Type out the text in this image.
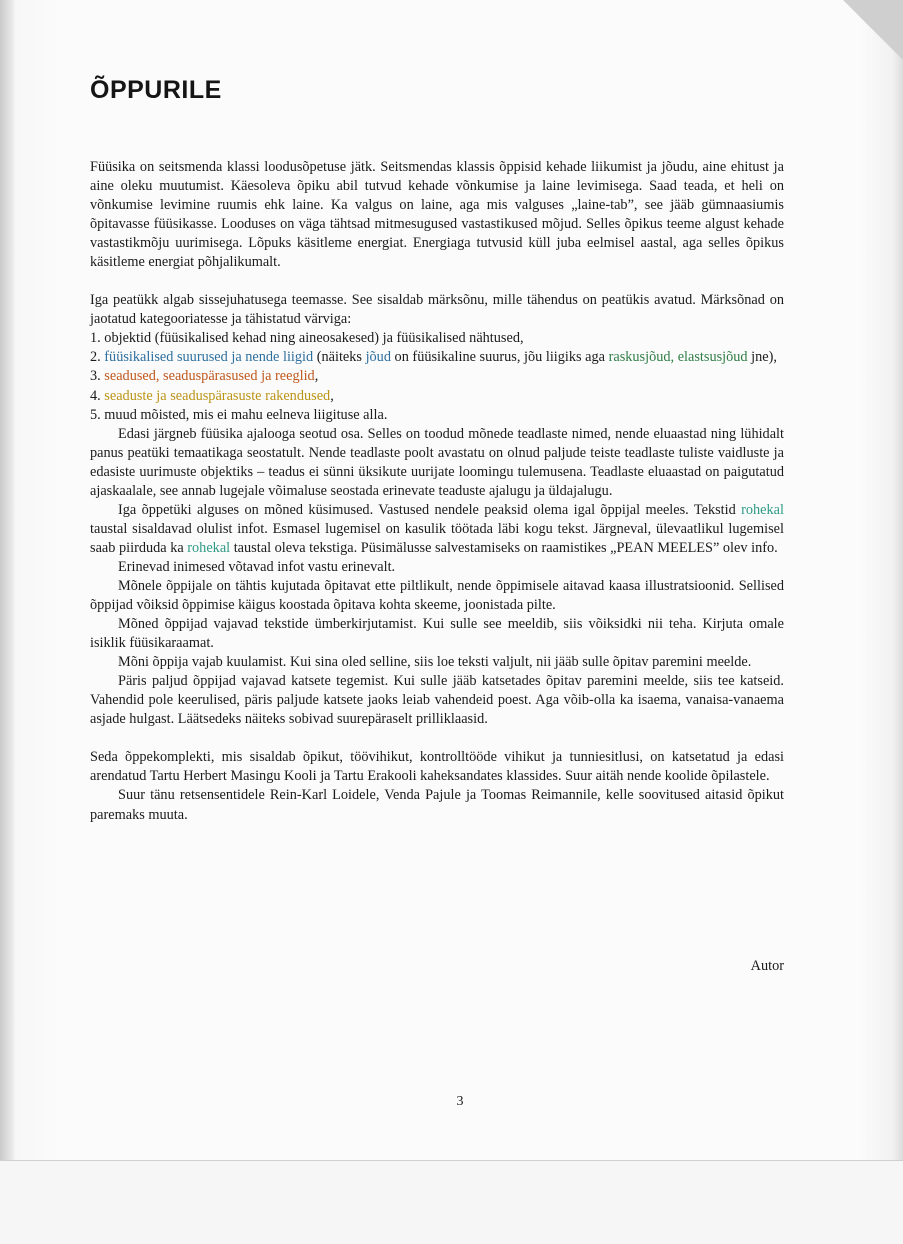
ÕPPURILE

Füüsika on seitsmenda klassi loodusõpetuse jätk. Seitsmendas klassis õppisid kehade liikumist ja jõudu, aine ehitust ja aine oleku muutumist. Käesoleva õpiku abil tutvud kehade võnkumise ja laine levimisega. Saad teada, et heli on võnkumise levimine ruumis ehk laine. Ka valgus on laine, aga mis valguses „laine-tab”, see jääb gümnaasiumis õpitavasse füüsikasse. Looduses on väga tähtsad mitmesugused vastastikused mõjud. Selles õpikus teeme algust kehade vastastikmõju uurimisega. Lõpuks käsitleme energiat. Energiaga tutvusid küll juba eelmisel aastal, aga selles õpikus käsitleme energiat põhjalikumalt.

Iga peatükk algab sissejuhatusega teemasse. See sisaldab märksõnu, mille tähendus on peatükis avatud. Märksõnad on jaotatud kategooriatesse ja tähistatud värviga:

1. objektid (füüsikalised kehad ning aineosakesed) ja füüsikalised nähtused,

2. füüsikalised suurused ja nende liigid (näiteks jõud on füüsikaline suurus, jõu liigiks aga raskusjõud, elastsusjõud jne),

3. seadused, seaduspärasused ja reeglid,

4. seaduste ja seaduspärasuste rakendused,

5. muud mõisted, mis ei mahu eelneva liigituse alla.

Edasi järgneb füüsika ajalooga seotud osa. Selles on toodud mõnede teadlaste nimed, nende eluaastad ning lühidalt panus peatüki temaatikaga seostatult. Nende teadlaste poolt avastatu on olnud paljude teiste teadlaste tuliste vaidluste ja edasiste uurimuste objektiks – teadus ei sünni üksikute uurijate loomingu tulemusena. Teadlaste eluaastad on paigutatud ajaskaalale, see annab lugejale võimaluse seostada erinevate teaduste ajalugu ja üldajalugu.

Iga õppetüki alguses on mõned küsimused. Vastused nendele peaksid olema igal õppijal meeles. Tekstid rohekal taustal sisaldavad olulist infot. Esmasel lugemisel on kasulik töötada läbi kogu tekst. Järgneval, ülevaatlikul lugemisel saab piirduda ka rohekal taustal oleva tekstiga. Püsimälusse salvestamiseks on raamistikes „PEAN MEELES” olev info.

Erinevad inimesed võtavad infot vastu erinevalt.

Mõnele õppijale on tähtis kujutada õpitavat ette piltlikult, nende õppimisele aitavad kaasa illustratsioonid. Sellised õppijad võiksid õppimise käigus koostada õpitava kohta skeeme, joonistada pilte.

Mõned õppijad vajavad tekstide ümberkirjutamist. Kui sulle see meeldib, siis võiksidki nii teha. Kirjuta omale isiklik füüsikaraamat.

Mõni õppija vajab kuulamist. Kui sina oled selline, siis loe teksti valjult, nii jääb sulle õpitav paremini meelde.

Päris paljud õppijad vajavad katsete tegemist. Kui sulle jääb katsetades õpitav paremini meelde, siis tee katseid. Vahendid pole keerulised, päris paljude katsete jaoks leiab vahendeid poest. Aga võib-olla ka isaema, vanaisa-vanaema asjade hulgast. Läätsedeks näiteks sobivad suurepäraselt prilliklaasid.

Seda õppekomplekti, mis sisaldab õpikut, töövihikut, kontrolltööde vihikut ja tunniesitlusi, on katsetatud ja edasi arendatud Tartu Herbert Masingu Kooli ja Tartu Erakooli kaheksandates klassides. Suur aitäh nende koolide õpilastele.

Suur tänu retsensentidele Rein-Karl Loidele, Venda Pajule ja Toomas Reimannile, kelle soovitused aitasid õpikut paremaks muuta.

Autor
3
